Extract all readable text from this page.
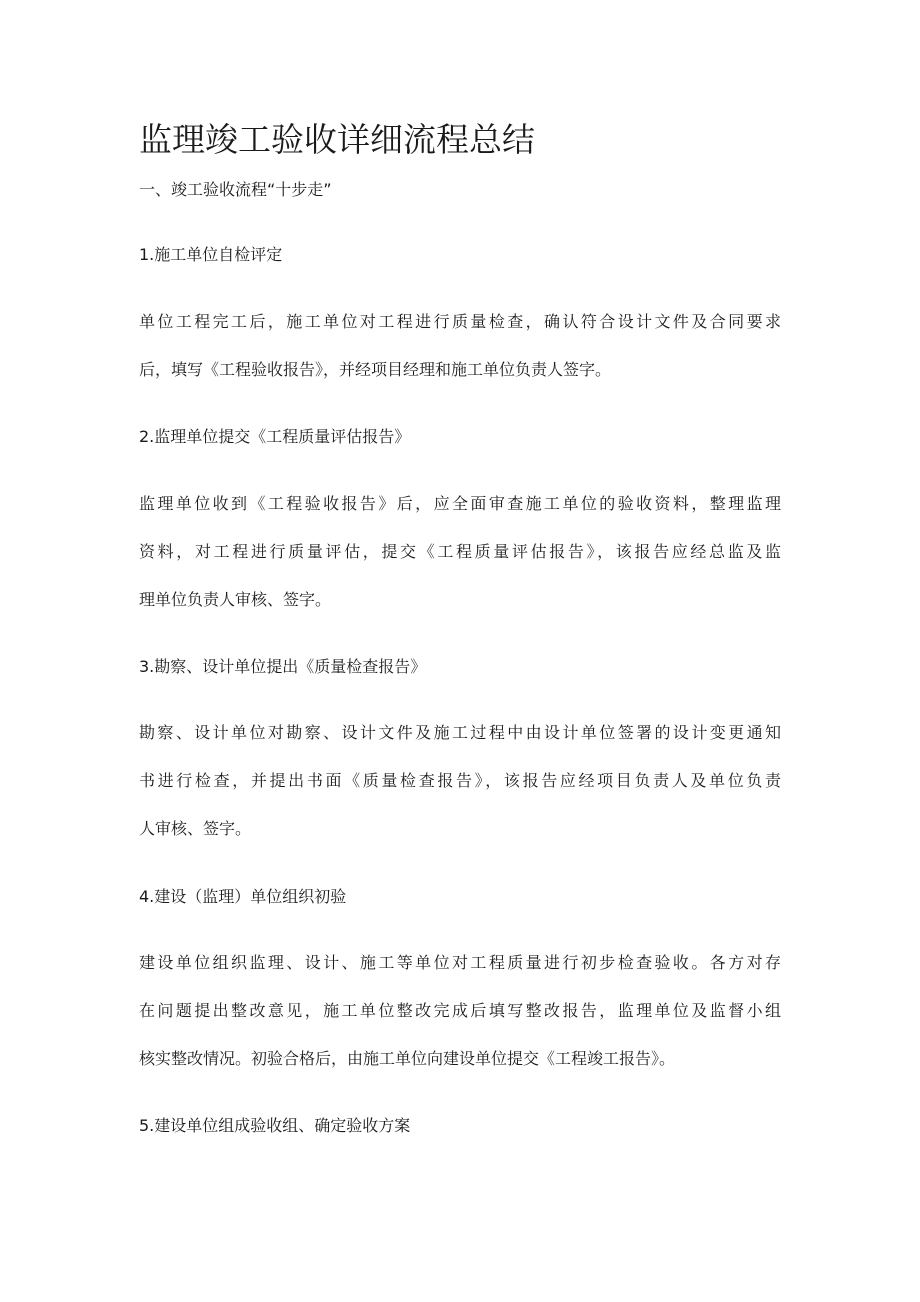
监理竣工验收详细流程总结

一、竣工验收流程“十步走”

1.施工单位自检评定

单位工程完工后，施工单位对工程进行质量检查，确认符合设计文件及合同要求
后，填写《工程验收报告》，并经项目经理和施工单位负责人签字。

2.监理单位提交《工程质量评估报告》

监理单位收到《工程验收报告》后，应全面审查施工单位的验收资料，整理监理
资料，对工程进行质量评估，提交《工程质量评估报告》，该报告应经总监及监
理单位负责人审核、签字。

3.勘察、设计单位提出《质量检查报告》

勘察、设计单位对勘察、设计文件及施工过程中由设计单位签署的设计变更通知
书进行检查，并提出书面《质量检查报告》，该报告应经项目负责人及单位负责
人审核、签字。

4.建设（监理）单位组织初验

建设单位组织监理、设计、施工等单位对工程质量进行初步检查验收。各方对存
在问题提出整改意见，施工单位整改完成后填写整改报告，监理单位及监督小组
核实整改情况。初验合格后，由施工单位向建设单位提交《工程竣工报告》。

5.建设单位组成验收组、确定验收方案
